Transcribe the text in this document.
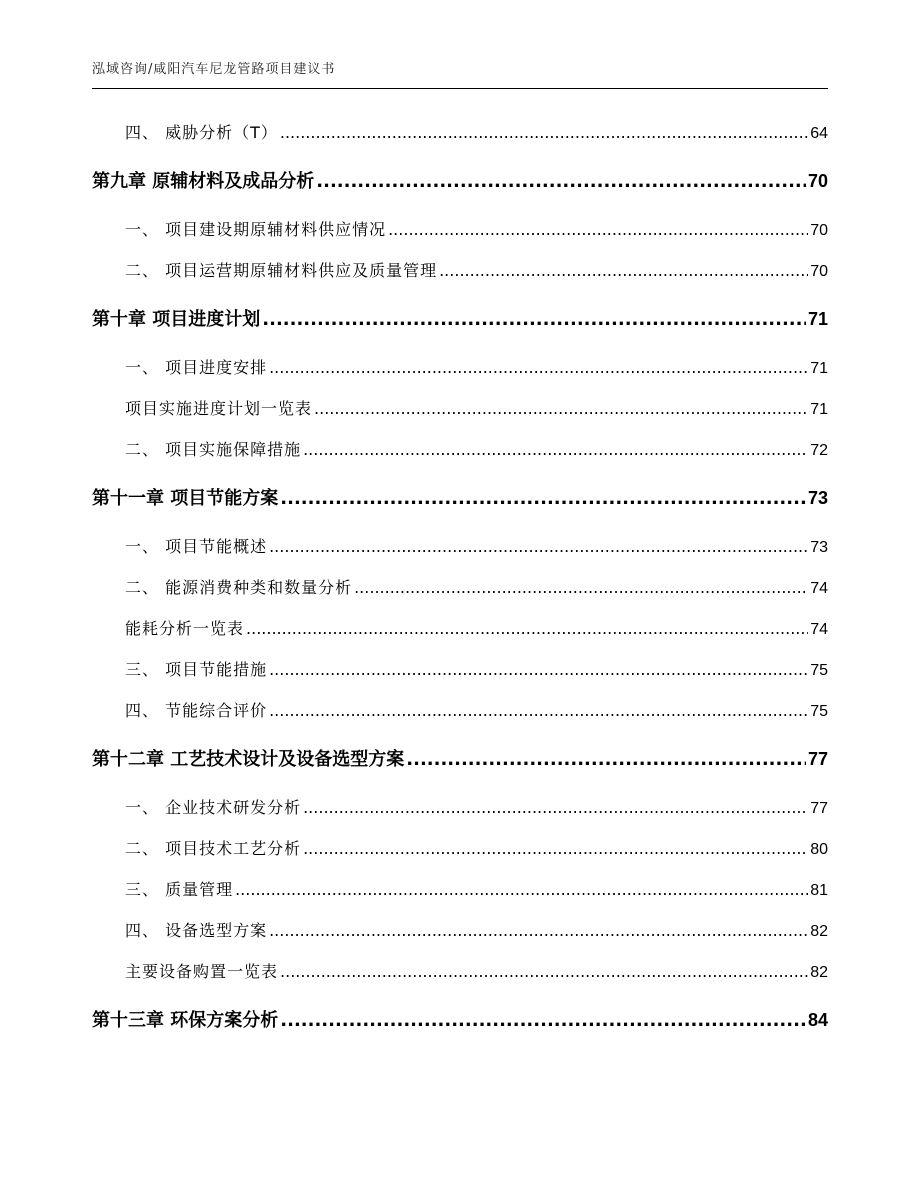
泓域咨询/咸阳汽车尼龙管路项目建议书
四、 威胁分析（T） .....	64
第九章 原辅材料及成品分析 .....	70
一、 项目建设期原辅材料供应情况 .....	70
二、 项目运营期原辅材料供应及质量管理 .....	70
第十章 项目进度计划 .....	71
一、 项目进度安排 .....	71
项目实施进度计划一览表 .....	71
二、 项目实施保障措施 .....	72
第十一章 项目节能方案 .....	73
一、 项目节能概述 .....	73
二、 能源消费种类和数量分析 .....	74
能耗分析一览表 .....	74
三、 项目节能措施 .....	75
四、 节能综合评价 .....	75
第十二章 工艺技术设计及设备选型方案 .....	77
一、 企业技术研发分析 .....	77
二、 项目技术工艺分析 .....	80
三、 质量管理 .....	81
四、 设备选型方案 .....	82
主要设备购置一览表 .....	82
第十三章 环保方案分析 .....	84
